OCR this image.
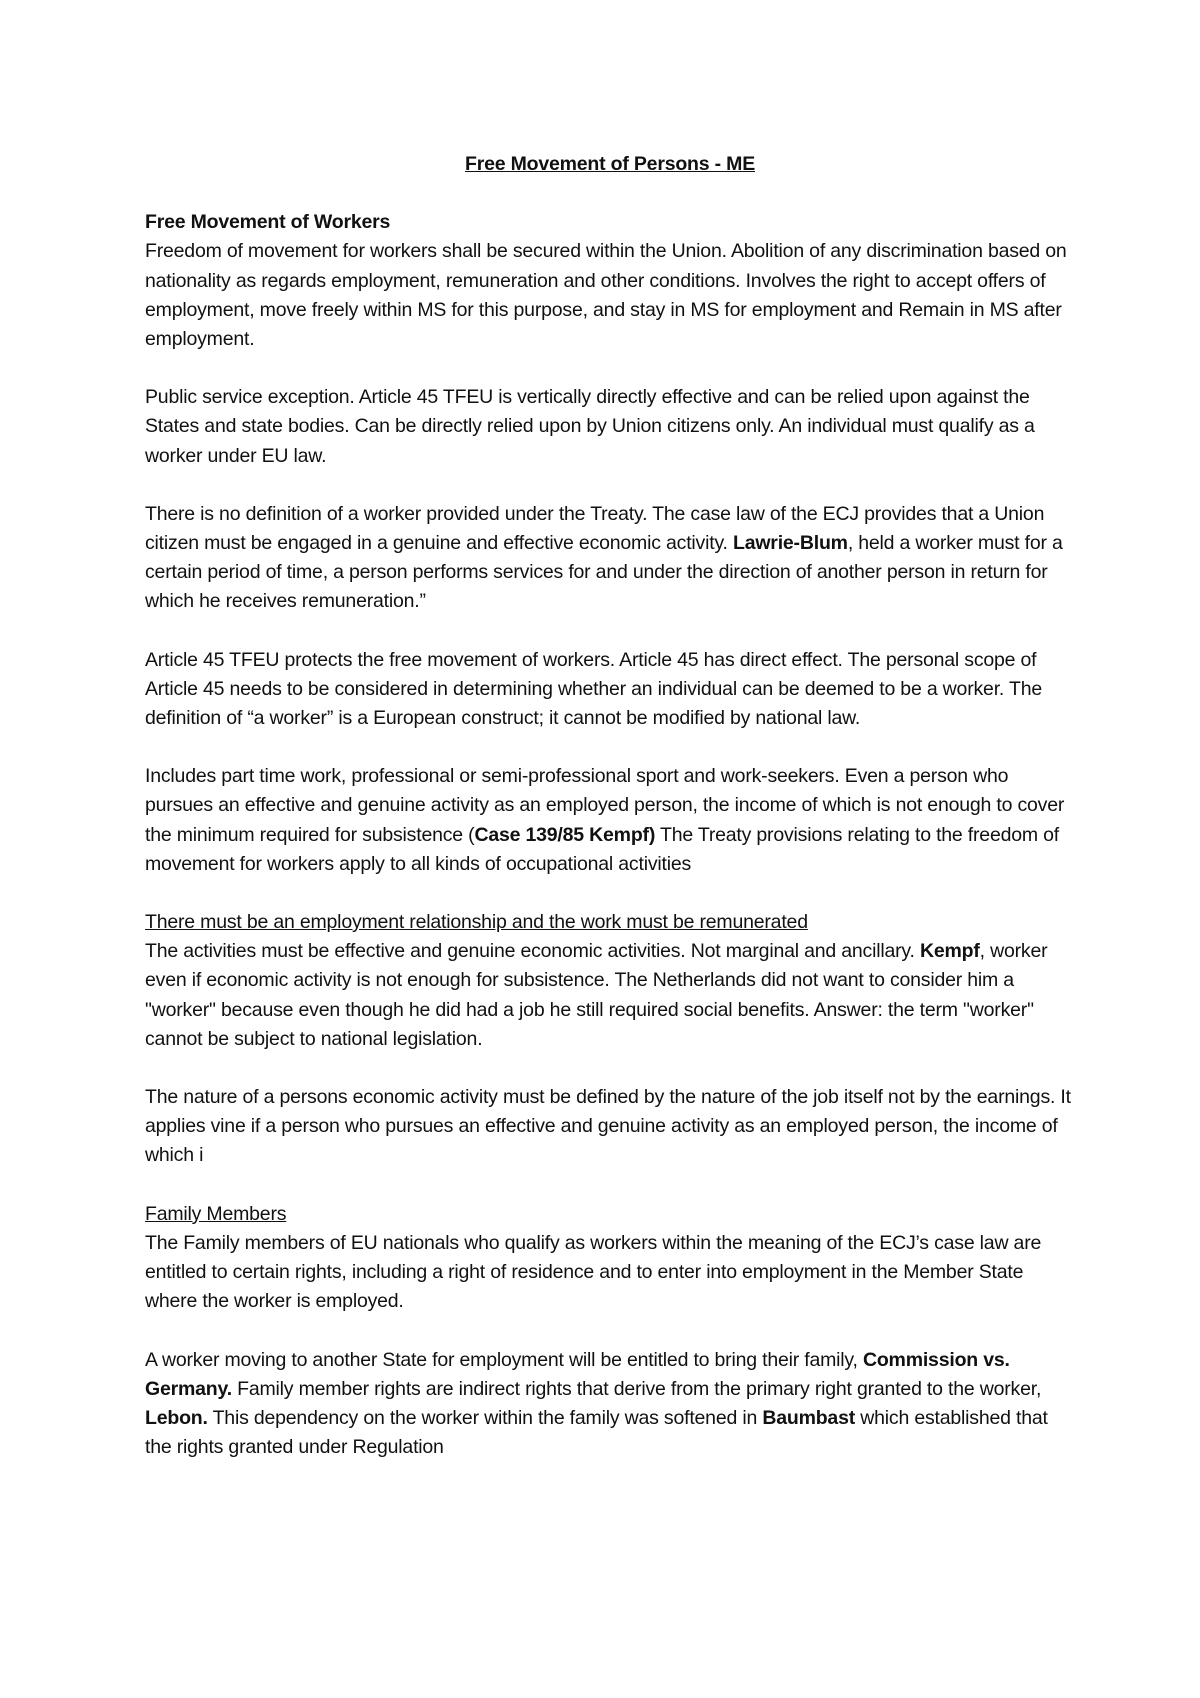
Free Movement of Persons - ME
Free Movement of Workers

Freedom of movement for workers shall be secured within the Union. Abolition of any discrimination based on nationality as regards employment, remuneration and other conditions. Involves the right to accept offers of employment, move freely within MS for this purpose, and stay in MS for employment and Remain in MS after employment.

Public service exception. Article 45 TFEU is vertically directly effective and can be relied upon against the States and state bodies. Can be directly relied upon by Union citizens only. An individual must qualify as a worker under EU law.

There is no definition of a worker provided under the Treaty. The case law of the ECJ provides that a Union citizen must be engaged in a genuine and effective economic activity. Lawrie-Blum, held a worker must for a certain period of time, a person performs services for and under the direction of another person in return for which he receives remuneration.”

Article 45 TFEU protects the free movement of workers. Article 45 has direct effect. The personal scope of Article 45 needs to be considered in determining whether an individual can be deemed to be a worker. The definition of “a worker” is a European construct; it cannot be modified by national law.

Includes part time work, professional or semi-professional sport and work-seekers. Even a person who pursues an effective and genuine activity as an employed person, the income of which is not enough to cover the minimum required for subsistence (Case 139/85 Kempf) The Treaty provisions relating to the freedom of movement for workers apply to all kinds of occupational activities

There must be an employment relationship and the work must be remunerated

The activities must be effective and genuine economic activities. Not marginal and ancillary. Kempf, worker even if economic activity is not enough for subsistence. The Netherlands did not want to consider him a "worker" because even though he did had a job he still required social benefits. Answer: the term "worker" cannot be subject to national legislation.

The nature of a persons economic activity must be defined by the nature of the job itself not by the earnings. It applies vine if a person who pursues an effective and genuine activity as an employed person, the income of which i

Family Members

The Family members of EU nationals who qualify as workers within the meaning of the ECJ’s case law are entitled to certain rights, including a right of residence and to enter into employment in the Member State where the worker is employed.

A worker moving to another State for employment will be entitled to bring their family, Commission vs. Germany. Family member rights are indirect rights that derive from the primary right granted to the worker, Lebon. This dependency on the worker within the family was softened in Baumbast which established that the rights granted under Regulation
